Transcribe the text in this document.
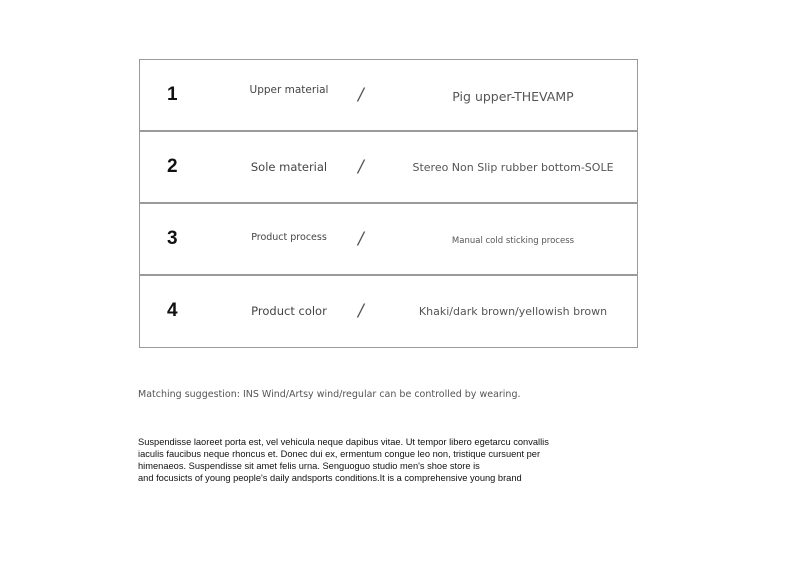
1	Upper material	/	Pig upper-THEVAMP
2	Sole material	/	Stereo Non Slip rubber bottom-SOLE
3	Product process	/	Manual cold sticking process
4	Product color	/	Khaki/dark brown/yellowish brown
Matching suggestion: INS Wind/Artsy wind/regular can be controlled by wearing.
Suspendisse laoreet porta est, vel vehicula neque dapibus vitae. Ut tempor libero egetarcu convallis
iaculis faucibus neque rhoncus et. Donec dui ex, ermentum congue leo non, tristique cursuent per
himenaeos. Suspendisse sit amet felis urna. Senguoguo studio men's shoe store is
and focusicts of young people's daily andsports conditions.It is a comprehensive young brand
